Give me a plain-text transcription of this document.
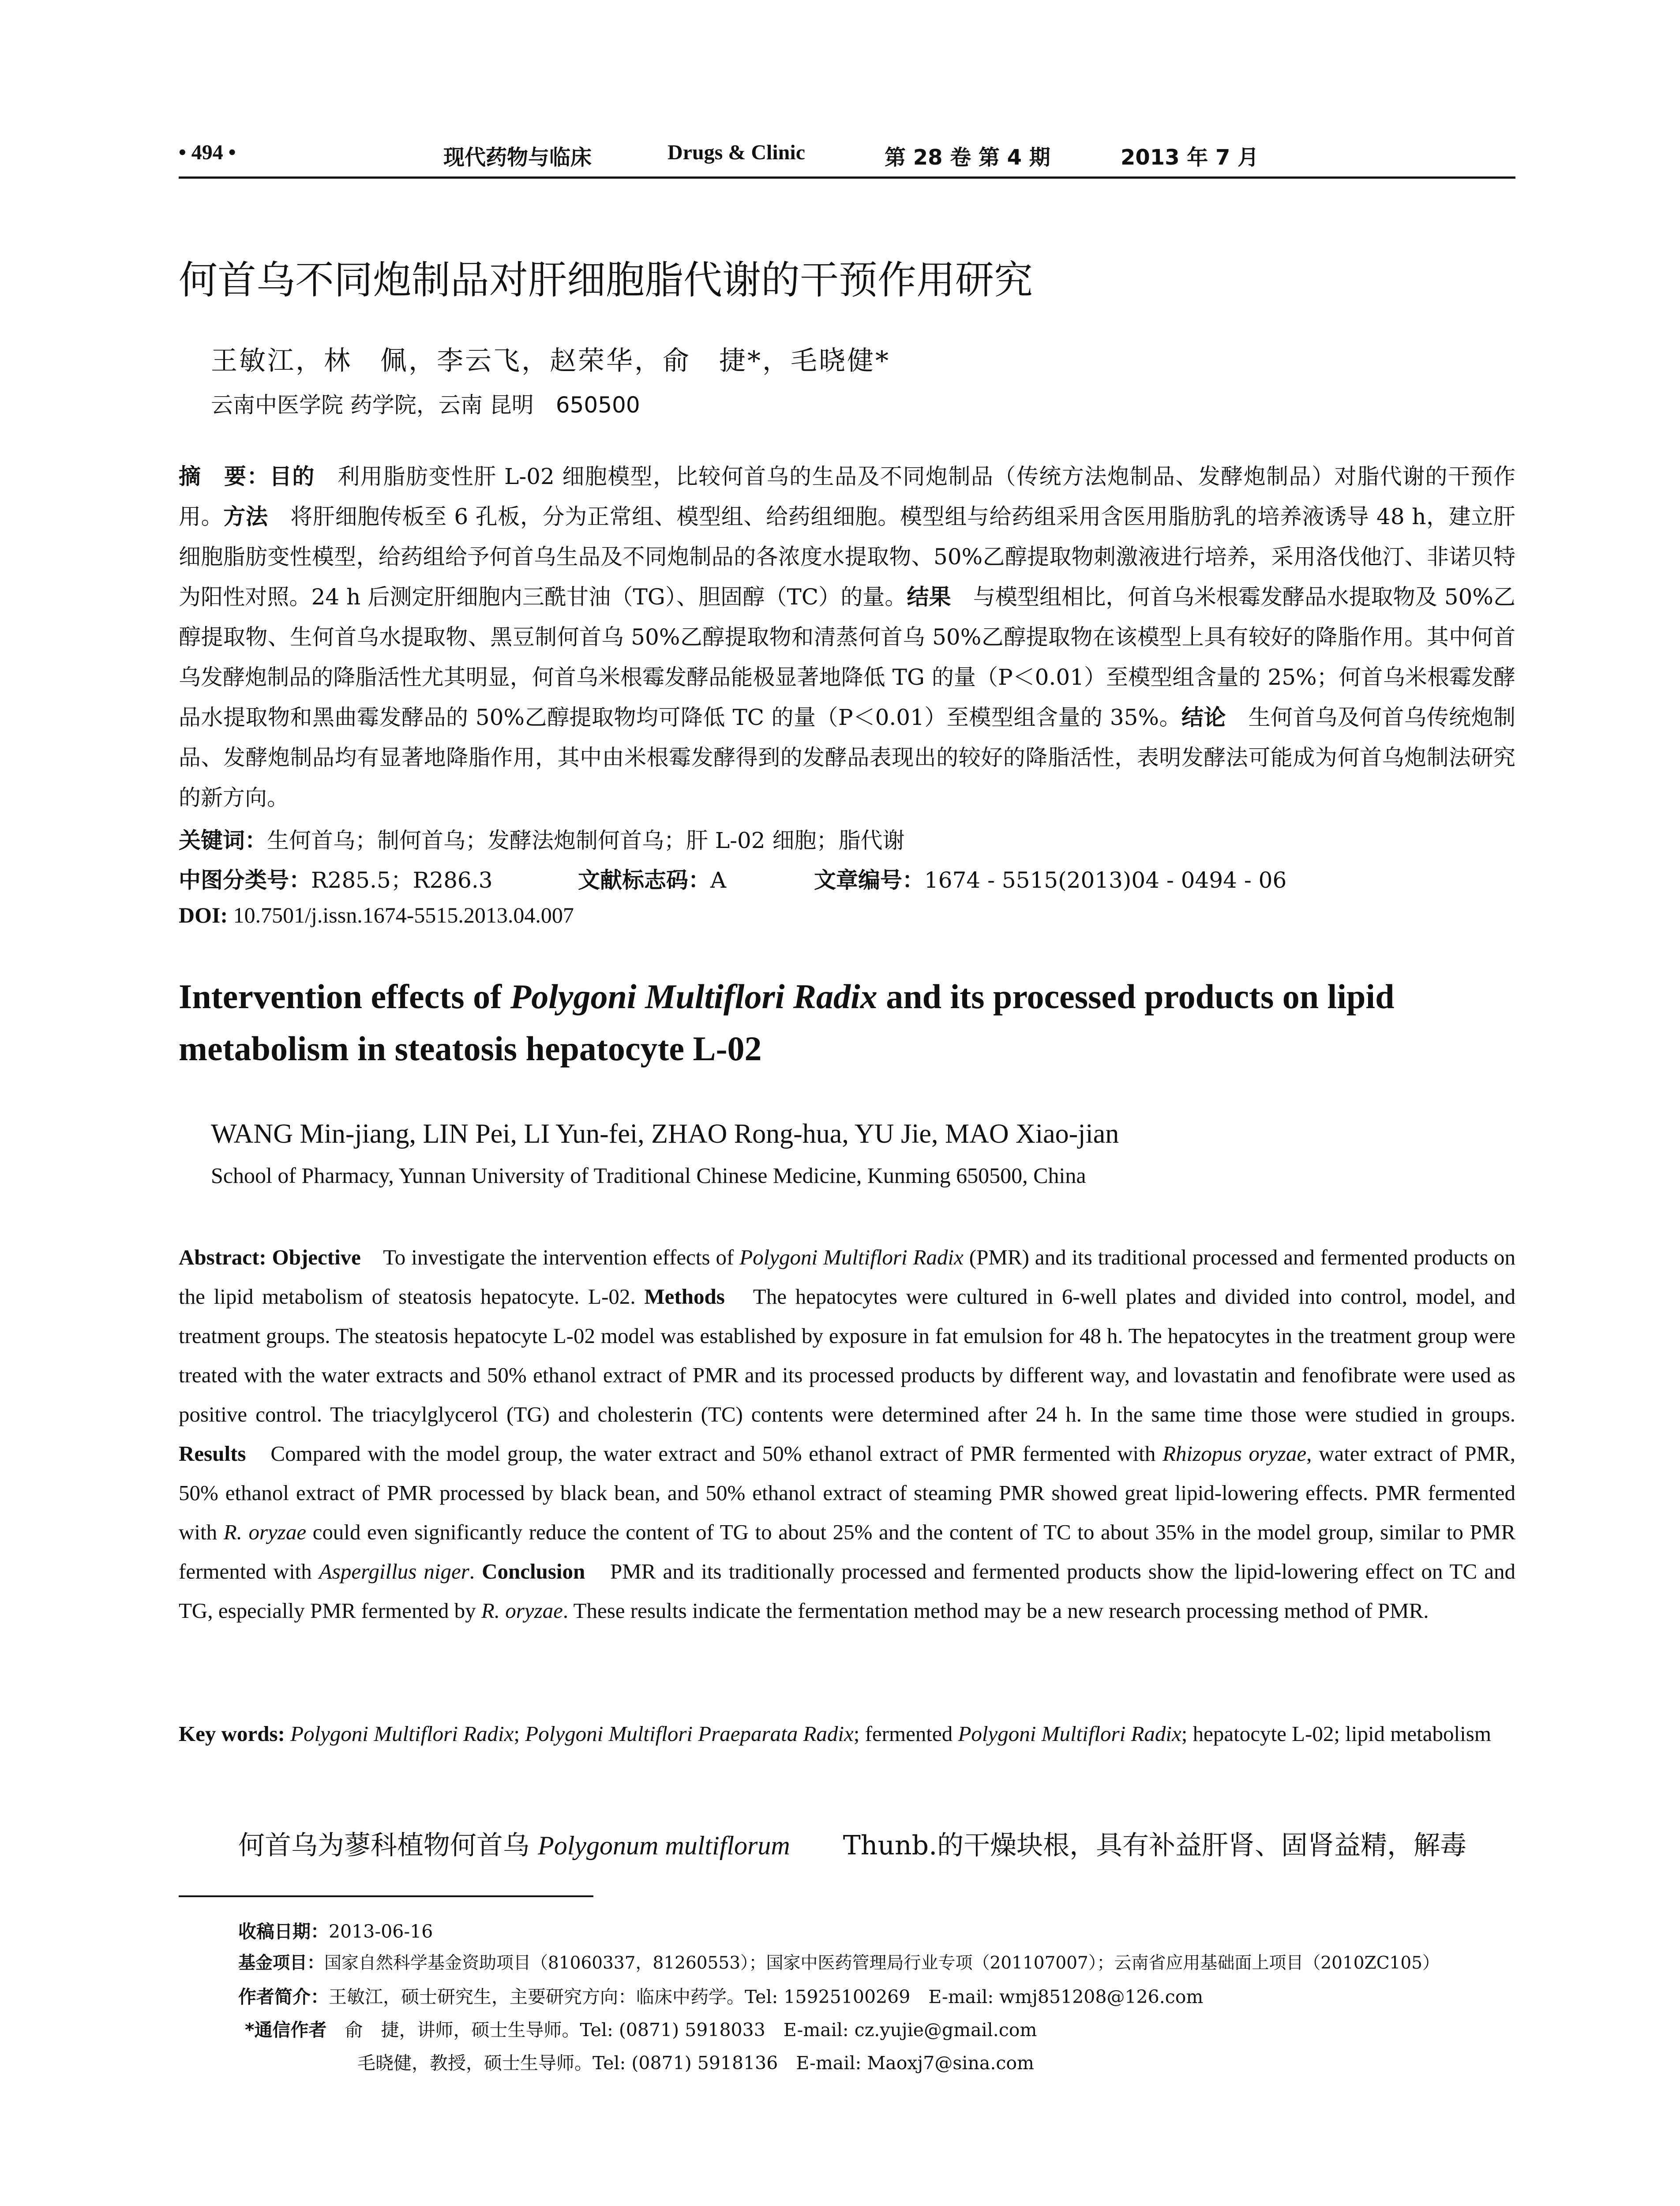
• 494 •	现代药物与临床	Drugs & Clinic	第 28 卷 第 4 期	2013 年 7 月
何首乌不同炮制品对肝细胞脂代谢的干预作用研究
王敏江，林　佩，李云飞，赵荣华，俞　捷*，毛晓健*
云南中医学院 药学院，云南 昆明　650500
摘　要：目的　 利用脂肪变性肝 L-02 细胞模型，比较何首乌的生品及不同炮制品（传统方法炮制品、发酵炮制品）对脂代谢的干预作用。方法　 将肝细胞传板至 6 孔板，分为正常组、模型组、给药组细胞。模型组与给药组采用含医用脂肪乳的培养液诱导 48 h，建立肝细胞脂肪变性模型，给药组给予何首乌生品及不同炮制品的各浓度水提取物、50%乙醇提取物刺激液进行培养，采用洛伐他汀、非诺贝特为阳性对照。24 h 后测定肝细胞内三酰甘油（TG）、胆固醇（TC）的量。结果　 与模型组相比，何首乌米根霉发酵品水提取物及 50%乙醇提取物、生何首乌水提取物、黑豆制何首乌 50%乙醇提取物和清蒸何首乌 50%乙醇提取物在该模型上具有较好的降脂作用。其中何首乌发酵炮制品的降脂活性尤其明显，何首乌米根霉发酵品能极显著地降低 TG 的量（P＜0.01）至模型组含量的 25%；何首乌米根霉发酵品水提取物和黑曲霉发酵品的 50%乙醇提取物均可降低 TC 的量（P＜0.01）至模型组含量的 35%。结论　 生何首乌及何首乌传统炮制品、发酵炮制品均有显著地降脂作用，其中由米根霉发酵得到的发酵品表现出的较好的降脂活性，表明发酵法可能成为何首乌炮制法研究的新方向。
关键词：生何首乌；制何首乌；发酵法炮制何首乌；肝 L-02 细胞；脂代谢
中图分类号：R285.5；R286.3	文献标志码：A	文章编号：1674 - 5515(2013)04 - 0494 - 06
DOI: 10.7501/j.issn.1674-5515.2013.04.007
Intervention effects of Polygoni Multiflori Radix and its processed products on lipid metabolism in steatosis hepatocyte L-02
WANG Min-jiang, LIN Pei, LI Yun-fei, ZHAO Rong-hua, YU Jie, MAO Xiao-jian
School of Pharmacy, Yunnan University of Traditional Chinese Medicine, Kunming 650500, China
Abstract: Objective　 To investigate the intervention effects of Polygoni Multiflori Radix (PMR) and its traditional processed and fermented products on the lipid metabolism of steatosis hepatocyte. L-02. Methods　 The hepatocytes were cultured in 6-well plates and divided into control, model, and treatment groups. The steatosis hepatocyte L-02 model was established by exposure in fat emulsion for 48 h. The hepatocytes in the treatment group were treated with the water extracts and 50% ethanol extract of PMR and its processed products by different way, and lovastatin and fenofibrate were used as positive control. The triacylglycerol (TG) and cholesterin (TC) contents were determined after 24 h. In the same time those were studied in groups. Results　 Compared with the model group, the water extract and 50% ethanol extract of PMR fermented with Rhizopus oryzae, water extract of PMR, 50% ethanol extract of PMR processed by black bean, and 50% ethanol extract of steaming PMR showed great lipid-lowering effects. PMR fermented with R. oryzae could even significantly reduce the content of TG to about 25% and the content of TC to about 35% in the model group, similar to PMR fermented with Aspergillus niger. Conclusion　 PMR and its traditionally processed and fermented products show the lipid-lowering effect on TC and TG, especially PMR fermented by R. oryzae. These results indicate the fermentation method may be a new research processing method of PMR.
Key words: Polygoni Multiflori Radix; Polygoni Multiflori Praeparata Radix; fermented Polygoni Multiflori Radix; hepatocyte L-02; lipid metabolism
何首乌为蓼科植物何首乌 Polygonum multiflorum　　Thunb.的干燥块根，具有补益肝肾、固肾益精，解毒
收稿日期：2013-06-16
基金项目：国家自然科学基金资助项目（81060337，81260553）；国家中医药管理局行业专项（201107007）；云南省应用基础面上项目（2010ZC105）
作者简介：王敏江，硕士研究生，主要研究方向：临床中药学。Tel: 15925100269　E-mail: wmj851208@126.com
*通信作者　 俞　捷，讲师，硕士生导师。Tel: (0871) 5918033　E-mail: cz.yujie@gmail.com
毛晓健，教授，硕士生导师。Tel: (0871) 5918136　E-mail: Maoxj7@sina.com
